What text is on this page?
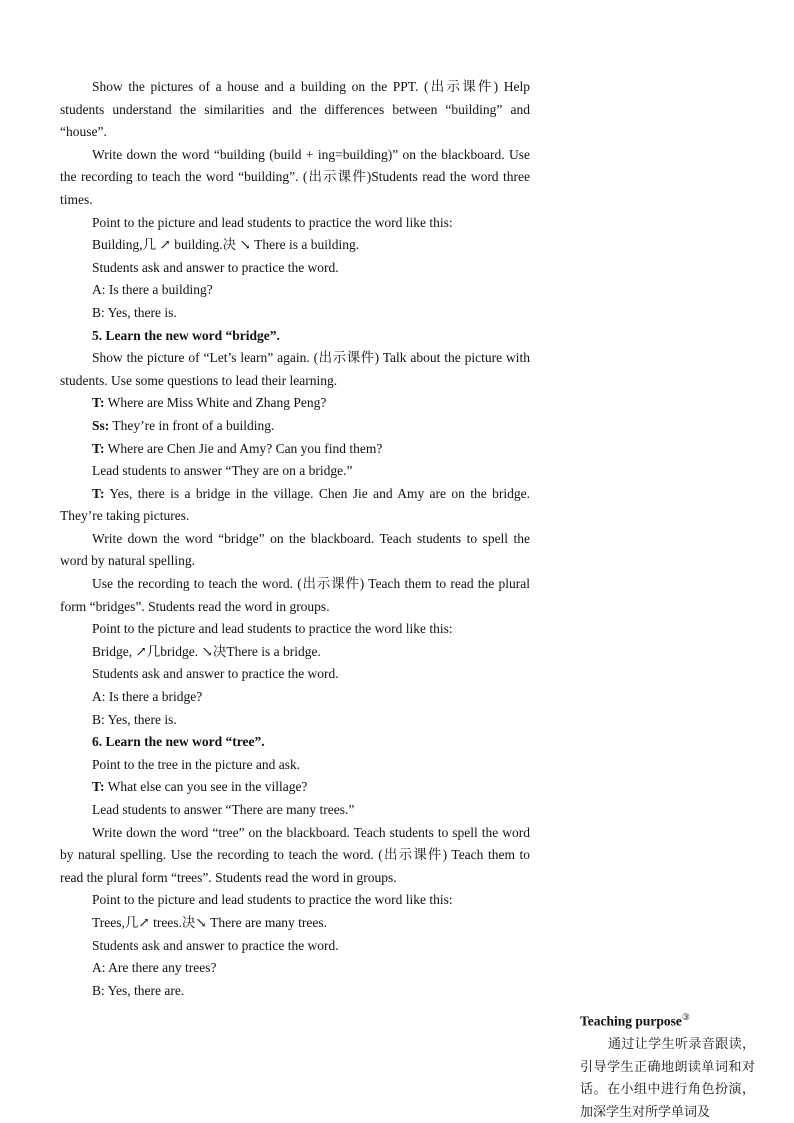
Show the pictures of a house and a building on the PPT. (出示课件) Help students understand the similarities and the differences between “building” and “house”.

Write down the word “building (build + ing=building)” on the blackboard. Use the recording to teach the word “building”. (出示课件)Students read the word three times.

Point to the picture and lead students to practice the word like this:

Building,几 ↗ building.决 ↘ There is a building.

Students ask and answer to practice the word.

A: Is there a building?

B: Yes, there is.

5. Learn the new word “bridge”.

Show the picture of “Let’s learn” again. (出示课件) Talk about the picture with students. Use some questions to lead their learning.

T: Where are Miss White and Zhang Peng?

Ss: They’re in front of a building.

T: Where are Chen Jie and Amy? Can you find them?

Lead students to answer “They are on a bridge.”

T: Yes, there is a bridge in the village. Chen Jie and Amy are on the bridge. They’re taking pictures.

Write down the word “bridge” on the blackboard. Teach students to spell the word by natural spelling.

Use the recording to teach the word. (出示课件) Teach them to read the plural form “bridges”. Students read the word in groups.

Point to the picture and lead students to practice the word like this:

Bridge, ↗几bridge. ↘决There is a bridge.

Students ask and answer to practice the word.

A: Is there a bridge?

B: Yes, there is.

6. Learn the new word “tree”.

Point to the tree in the picture and ask.

T: What else can you see in the village?

Lead students to answer “There are many trees.”

Write down the word “tree” on the blackboard. Teach students to spell the word by natural spelling. Use the recording to teach the word. (出示课件) Teach them to read the plural form “trees”. Students read the word in groups.

Point to the picture and lead students to practice the word like this:

Trees,几↗ trees.决↘ There are many trees.

Students ask and answer to practice the word.

A: Are there any trees?

B: Yes, there are.

Teaching purpose③
通过让学生听录音跟读，引导学生正确地朗读单词和对话。在小组中进行角色扮演，加深学生对所学单词及
